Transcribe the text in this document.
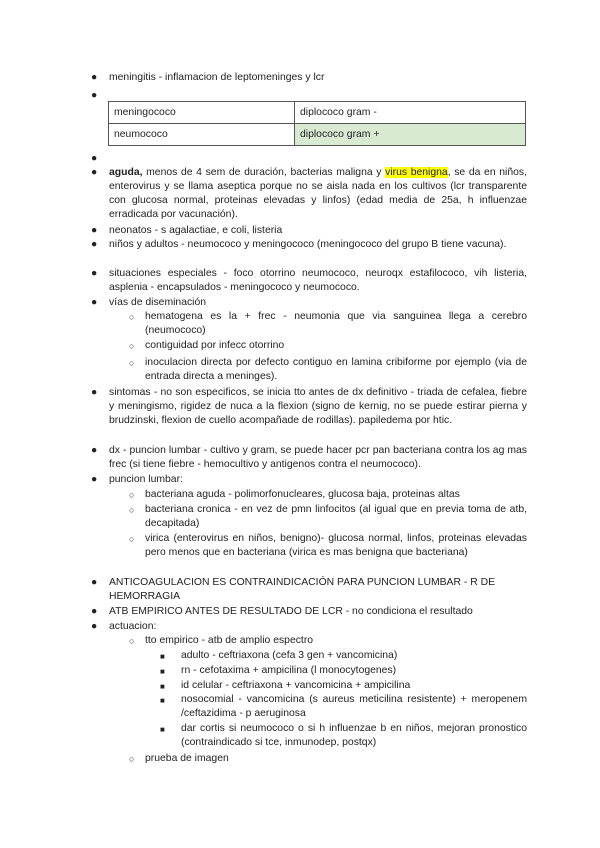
● meningitis - inflamacion de leptomeninges y lcr
●
meningococo	diplococo gram -
neumococo	diplococo gram +
●
● aguda, menos de 4 sem de duración, bacterias maligna y virus benigna, se da en niños, enterovirus y se llama aseptica porque no se aisla nada en los cultivos (lcr transparente con glucosa normal, proteinas elevadas y linfos) (edad media de 25a, h influenzae erradicada por vacunación).
● neonatos - s agalactiae, e coli, listeria
● niños y adultos - neumococo y meningococo (meningococo del grupo B tiene vacuna).
● situaciones especiales - foco otorrino neumococo, neuroqx estafilococo, vih listeria, asplenia - encapsulados - meningococo y neumococo.
● vías de diseminación
○ hematogena es la + frec - neumonia que via sanguinea llega a cerebro (neumococo)
○ contiguidad por infecc otorrino
○ inoculacion directa por defecto contiguo en lamina cribiforme por ejemplo (via de entrada directa a meninges).
● sintomas - no son especificos, se inicia tto antes de dx definitivo - triada de cefalea, fiebre y meningismo, rigidez de nuca a la flexion (signo de kernig, no se puede estirar pierna y brudzinski, flexion de cuello acompañade de rodillas). papiledema por htic.
● dx - puncion lumbar - cultivo y gram, se puede hacer pcr pan bacteriana contra los ag mas frec (si tiene fiebre - hemocultivo y antigenos contra el neumococo).
● puncion lumbar:
○ bacteriana aguda - polimorfonucleares, glucosa baja, proteinas altas
○ bacteriana cronica - en vez de pmn linfocitos (al igual que en previa toma de atb, decapitada)
○ virica (enterovirus en niños, benigno)- glucosa normal, linfos, proteinas elevadas pero menos que en bacteriana (virica es mas benigna que bacteriana)
● ANTICOAGULACION ES CONTRAINDICACIÓN PARA PUNCION LUMBAR - R DE HEMORRAGIA
● ATB EMPIRICO ANTES DE RESULTADO DE LCR - no condiciona el resultado
● actuacion:
○ tto empirico - atb de amplio espectro
■ adulto - ceftriaxona (cefa 3 gen + vancomicina)
■ rn - cefotaxima + ampicilina (l monocytogenes)
■ id celular - ceftriaxona + vancomicina + ampicilina
■ nosocomial - vancomicina (s aureus meticilina resistente) + meropenem /ceftazidima - p aeruginosa
■ dar cortis si neumococo o si h influenzae b en niños, mejoran pronostico (contraindicado si tce, inmunodep, postqx)
○ prueba de imagen
